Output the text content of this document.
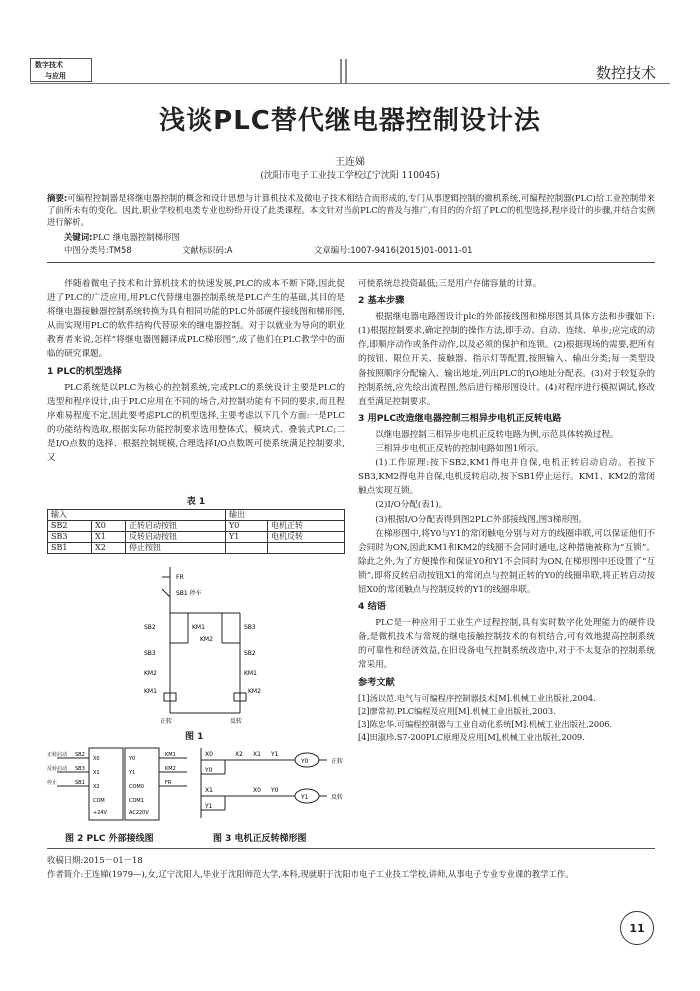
数字技术
与应用	数控技术
浅谈PLC替代继电器控制设计法
王连娣
(沈阳市电子工业技工学校辽宁沈阳 110045)
摘要:可编程控制器是将继电器控制的概念和设计思想与计算机技术及微电子技术相结合而形成的,专门从事逻辑控制的微机系统,可编程控制器(PLC)给工业控制带来了前所未有的变化。因此,职业学校机电类专业也纷纷开设了此类课程。本文针对当前PLC的普及与推广,有目的的介绍了PLC的机型选择,程序设计的步骤,并结合实例进行解析。
关键词:PLC 继电器控制梯形图
中图分类号:TM58	文献标识码:A	文章编号:1007-9416(2015)01-0011-01

伴随着微电子技术和计算机技术的快速发展,PLC的成本不断下降,因此促进了PLC的广泛应用,用PLC代替继电器控制系统是PLC产生的基础,其目的是将继电器接触器控制系统转换为具有相同功能的PLC外部硬件接线图和梯形图,从而实现用PLC的软件结构代替原来的继电器控制。对于以就业为导向的职业教育者来说,怎样“将继电器图翻译成PLC梯形图”,成了他们在PLC教学中的面临的研究课题。

1 PLC的机型选择

PLC系统是以PLC为核心的控制系统,完成PLC的系统设计主要是PLC的选型和程序设计,由于PLC应用在不同的场合,对控制功能有不同的要求,而且程序难易程度不定,因此要考虑PLC的机型选择,主要考虑以下几个方面:一是PLC的功能结构选取,根据实际功能控制要求选用整体式、模块式、叠装式PLC;二是I/O点数的选择、根据控制规模,合理选择I/O点数既可使系统满足控制要求,又

表 1
输入			输出	
SB2	X0	正转启动按钮	Y0	电机正转
SB3	X1	反转启动按钮	Y1	电机反转
SB1	X2	停止按钮		
FR
SB1 停车
SB2	KM1	SB3
KM2
SB3	SB2
KM2	KM1
KM1	KM2
正转	反转
图 1
正转启动
反转启动
停止
SB2
SB3
SB1
X0
X1
X2
COM
+24V
Y0
Y1
COM0
COM1
AC220V
KM1
KM2
FR
图 2 PLC 外部接线图
X0
Y0
X2 X1 Y1
Y0	正转
X1
Y1
X0 Y0
Y1	反转
图 3 电机正反转梯形图

可使系统总投资最低;三是用户存储容量的计算。

2 基本步骤

根据继电器电路图设计plc的外部接线图和梯形图其具体方法和步骤如下:(1)根据控制要求,确定控制的操作方法,即手动、自动、连续、单步;应完成的动作,即顺序动作或条件动作,以及必须的保护和连锁。(2)根据现场的需要,把所有的按钮、限位开关、接触器、指示灯等配置,按照输入、输出分类;每一类型设备按照顺序分配输入、输出地址,列出PLC的I\O地址分配表。(3)对于较复杂的控制系统,应先绘出流程图,然后进行梯形图设计。(4)对程序进行模拟调试,修改直至满足控制要求。

3 用PLC改造继电器控制三相异步电机正反转电路

以继电器控制三相异步电机正反转电路为例,示范具体转换过程。

三相异步电机正反转的控制电路如图1所示。

(1)工作原理:按下SB2,KM1得电并自保,电机正转启动启动。若按下SB3,KM2得电并自保,电机反转启动,按下SB1停止运行。KM1、KM2的常闭触点实现互锁。

(2)I/O分配(表1)。

(3)根据I/O分配表得到图2PLC外部接线图,图3梯形图。

在梯形图中,将Y0与Y1的常闭触电分别与对方的线圈串联,可以保证他们不会同时为ON,因此KM1和KM2的线圈不会同时通电,这种措施被称为“互锁”。除此之外,为了方便操作和保证Y0和Y1不会同时为ON,在梯形图中还设置了“互锁”,即将反转启动按钮X1的常闭点与控制正转的Y0的线圈串联,将正转启动按钮X0的常闭触点与控制反转的Y1的线圈串联。

4 结语

PLC是一种应用于工业生产过程控制,具有实时数字化处理能力的硬件设备,是微机技术与常规的继电接触控制技术的有机结合,可有效地提高控制系统的可靠性和经济效益,在旧设备电气控制系统改造中,对于不太复杂的控制系统常采用。

参考文献

[1]汤以范.电气与可编程序控制器技术[M].机械工业出版社,2004.

[2]廖常初.PLC编程及应用[M].机械工业出版社,2003.

[3]陈忠华.可编程控制器与工业自动化系统[M].机械工业出版社,2006.

[4]田淑珍.S7-200PLC原理及应用[M],机械工业出版社,2009.

收稿日期:2015－01－18
作者简介:王连娣(1979—),女,辽宁沈阳人,毕业于沈阳师范大学,本科,现就职于沈阳市电子工业技工学校,讲师,从事电子专业专业课的教学工作。
11
